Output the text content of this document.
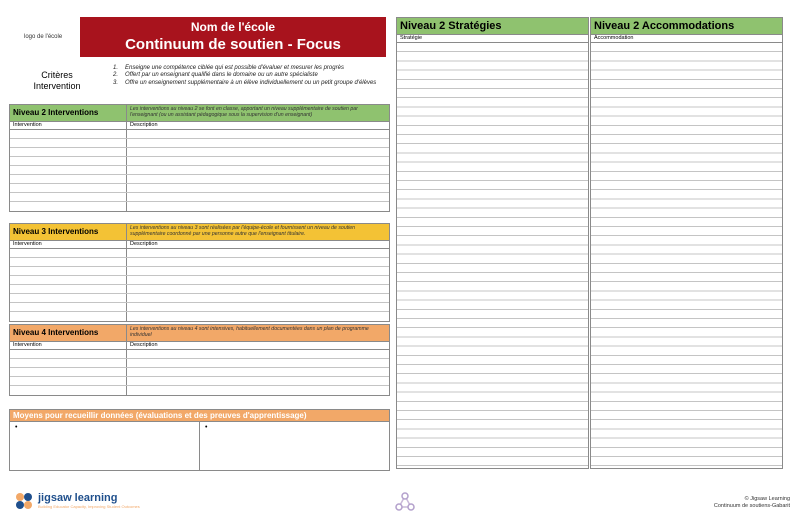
logo de l'école
Nom de l'école
Continuum de soutien - Focus
Critères Intervention
1.	Enseigne une compétence ciblée qui est possible d'évaluer et mesurer les progrès
2.	Offert par un enseignant qualifié dans le domaine ou un autre spécialiste
3.	Offre un enseignement supplémentaire à un élève individuellement ou un petit groupe d'élèves
Niveau 2 Interventions	Les interventions au niveau 2 se font en classe, apportant un niveau supplémentaire de soutien par l'enseignant (ou un assistant pédagogique sous la supervision d'un enseignant)
Intervention	Description
Niveau 3 Interventions	Les interventions au niveau 3 sont réalisées par l'équipe-école et fournissent un niveau de soutien supplémentaire coordonné par une personne autre que l'enseignant titulaire.
Intervention	Description
Niveau 4 Interventions	Les interventions au niveau 4 sont intensives, habituellement documentées dans un plan de programme individuel
Intervention	Description
Moyens pour recueillir données (évaluations et des preuves d'apprentissage)
•	•
Niveau 2 Stratégies
Stratégie
Niveau 2 Accommodations
Accommodation
jigsaw learning
Building Educator Capacity, Improving Student Outcomes
© Jigsaw Learning
Continuum de soutiens-Gabarit
